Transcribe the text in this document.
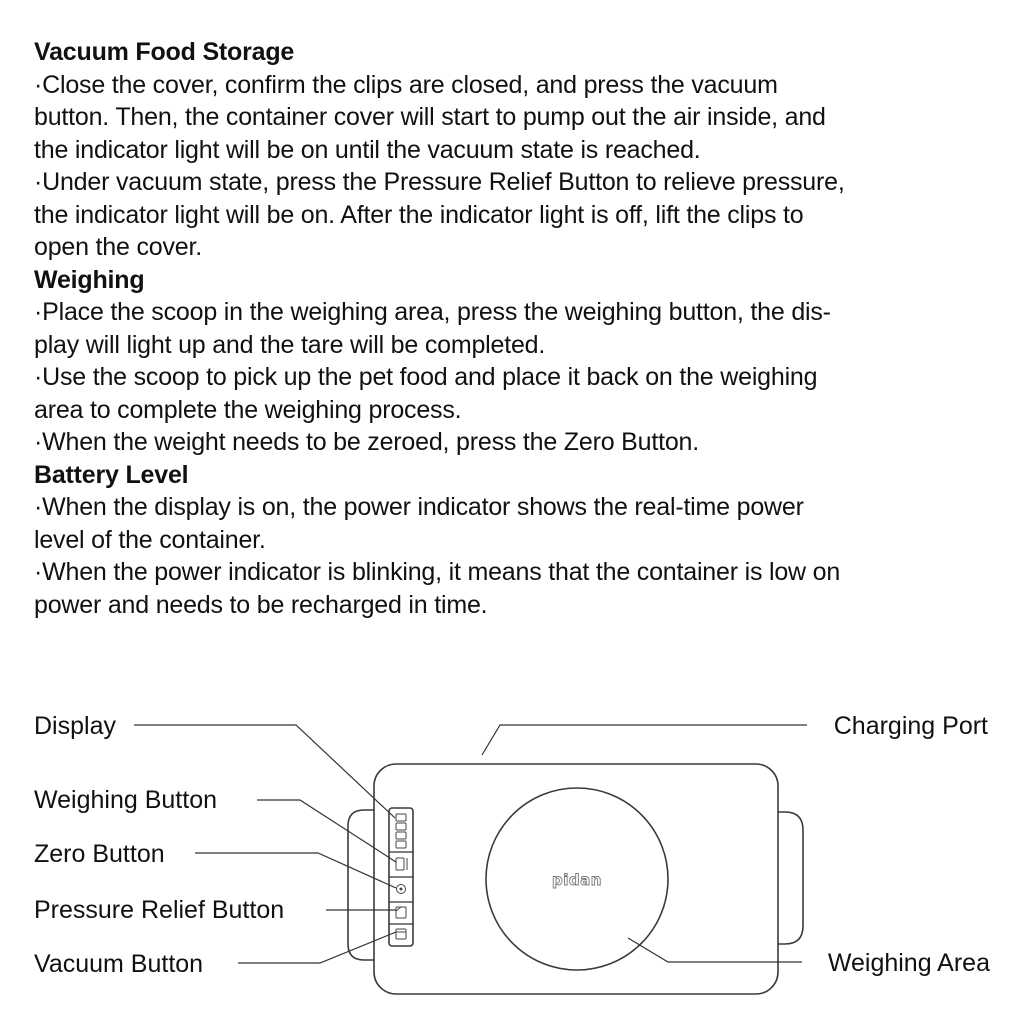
Vacuum Food Storage

·Close the cover, confirm the clips are closed, and press the vacuum

button. Then, the container cover will start to pump out the air inside, and

the indicator light will be on until the vacuum state is reached.

·Under vacuum state, press the Pressure Relief Button to relieve pressure,

the indicator light will be on. After the indicator light is off, lift the clips to

open the cover.

Weighing

·Place the scoop in the weighing area, press the weighing button, the dis-

play will light up and the tare will be completed.

·Use the scoop to pick up the pet food and place it back on the weighing

area to complete the weighing process.

·When the weight needs to be zeroed, press the Zero Button.

Battery Level

·When the display is on, the power indicator shows the real-time power

level of the container.

·When the power indicator is blinking, it means that the container is low on

power and needs to be recharged in time.

pidan
Display
Weighing Button
Zero Button
Pressure Relief Button
Vacuum Button
Charging Port
Weighing Area
